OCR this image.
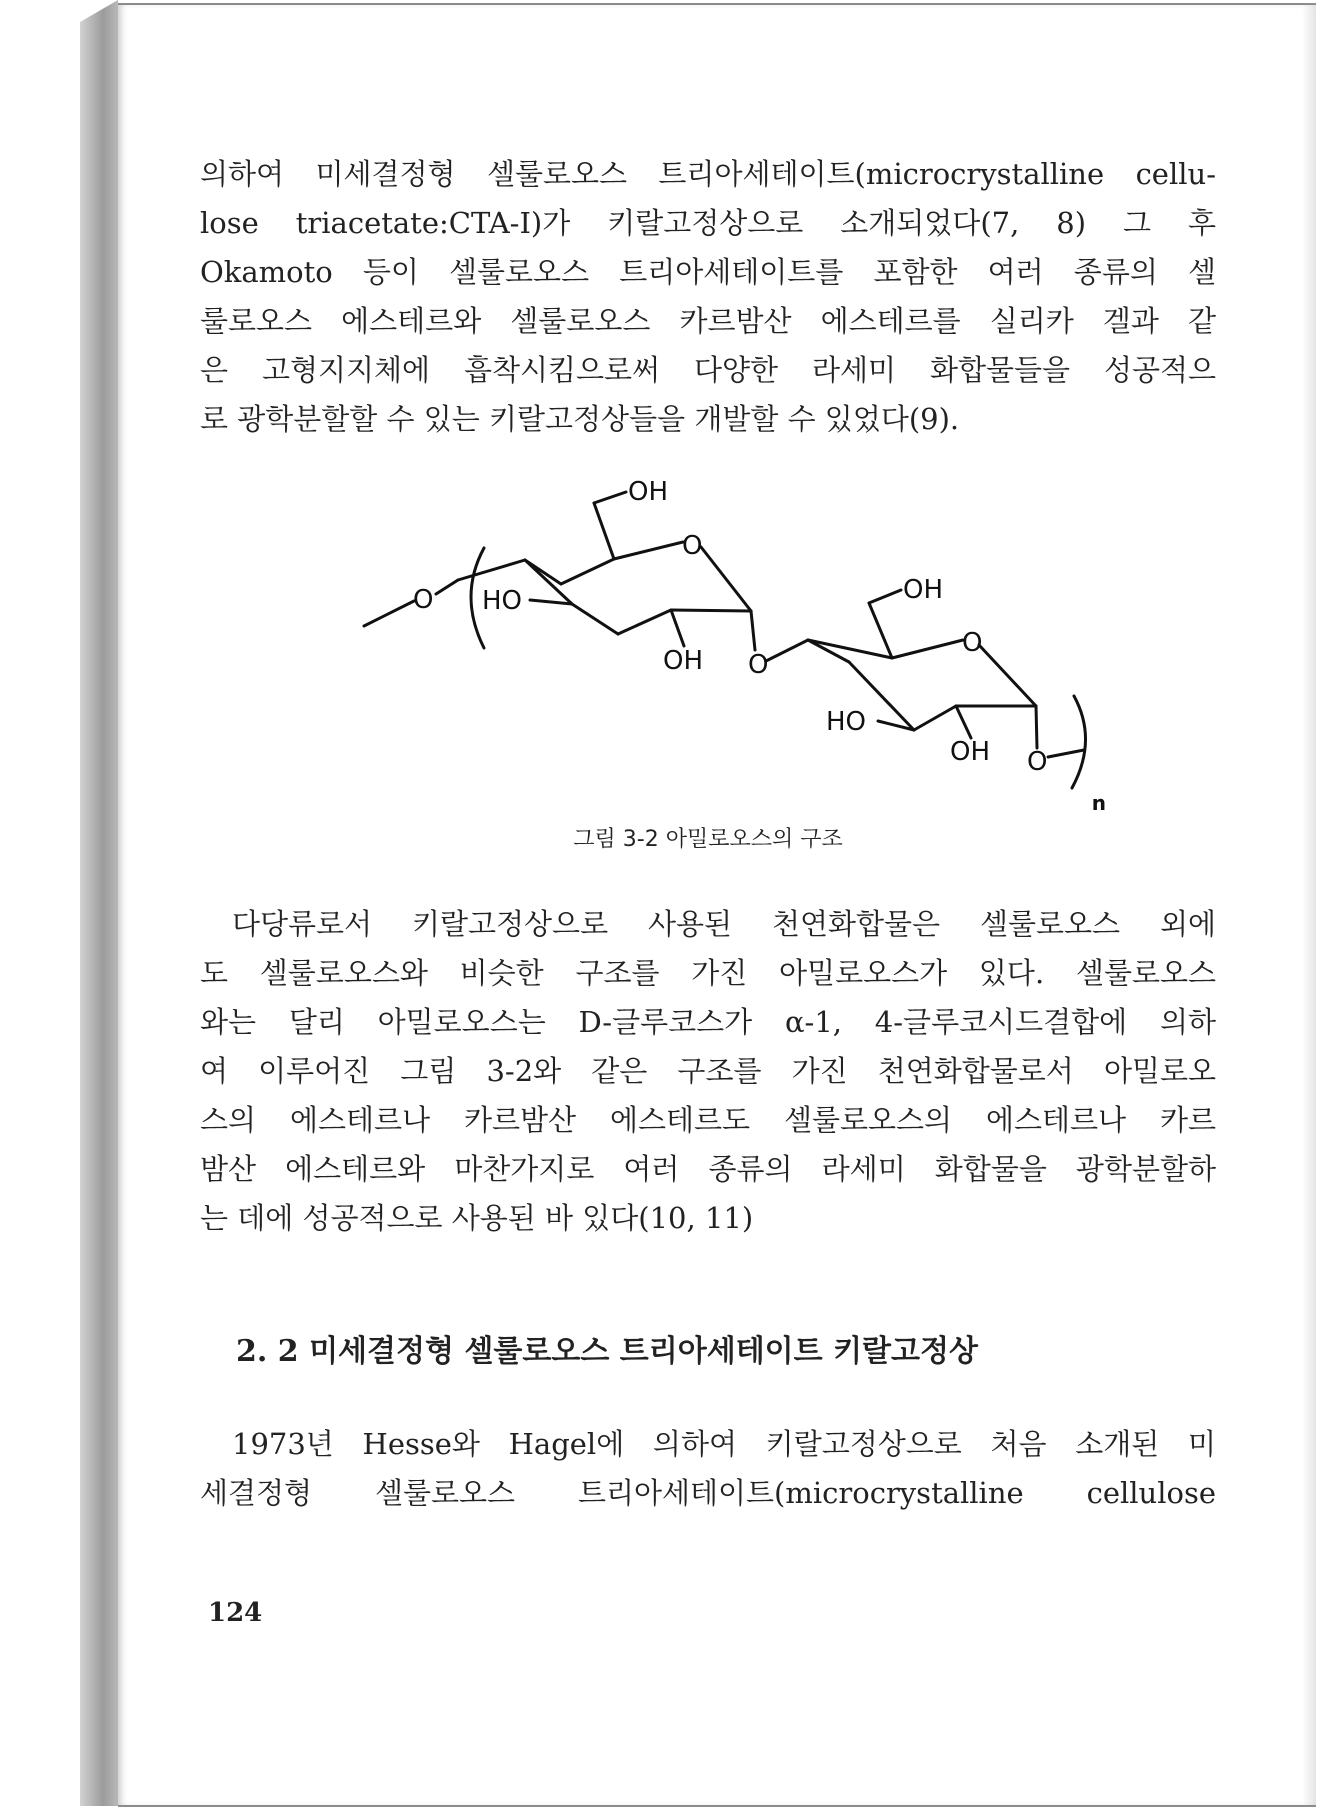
의하여 미세결정형 셀룰로오스 트리아세테이트(microcrystalline cellu-
lose triacetate:CTA-I)가 키랄고정상으로 소개되었다(7, 8) 그 후
Okamoto 등이 셀룰로오스 트리아세테이트를 포함한 여러 종류의 셀
룰로오스 에스테르와 셀룰로오스 카르밤산 에스테르를 실리카 겔과 같
은 고형지지체에 흡착시킴으로써 다양한 라세미 화합물들을 성공적으
로 광학분할할 수 있는 키랄고정상들을 개발할 수 있었다(9).

OH
OH
O
O
O
O
O
HO
HO
OH
OH
n
그림 3-2 아밀로오스의 구조

다당류로서 키랄고정상으로 사용된 천연화합물은 셀룰로오스 외에
도 셀룰로오스와 비슷한 구조를 가진 아밀로오스가 있다. 셀룰로오스
와는 달리 아밀로오스는 D-글루코스가 α-1, 4-글루코시드결합에 의하
여 이루어진 그림 3-2와 같은 구조를 가진 천연화합물로서 아밀로오
스의 에스테르나 카르밤산 에스테르도 셀룰로오스의 에스테르나 카르
밤산 에스테르와 마찬가지로 여러 종류의 라세미 화합물을 광학분할하
는 데에 성공적으로 사용된 바 있다(10, 11)

2. 2 미세결정형 셀룰로오스 트리아세테이트 키랄고정상

1973년 Hesse와 Hagel에 의하여 키랄고정상으로 처음 소개된 미
세결정형 셀룰로오스 트리아세테이트(microcrystalline cellulose

124
